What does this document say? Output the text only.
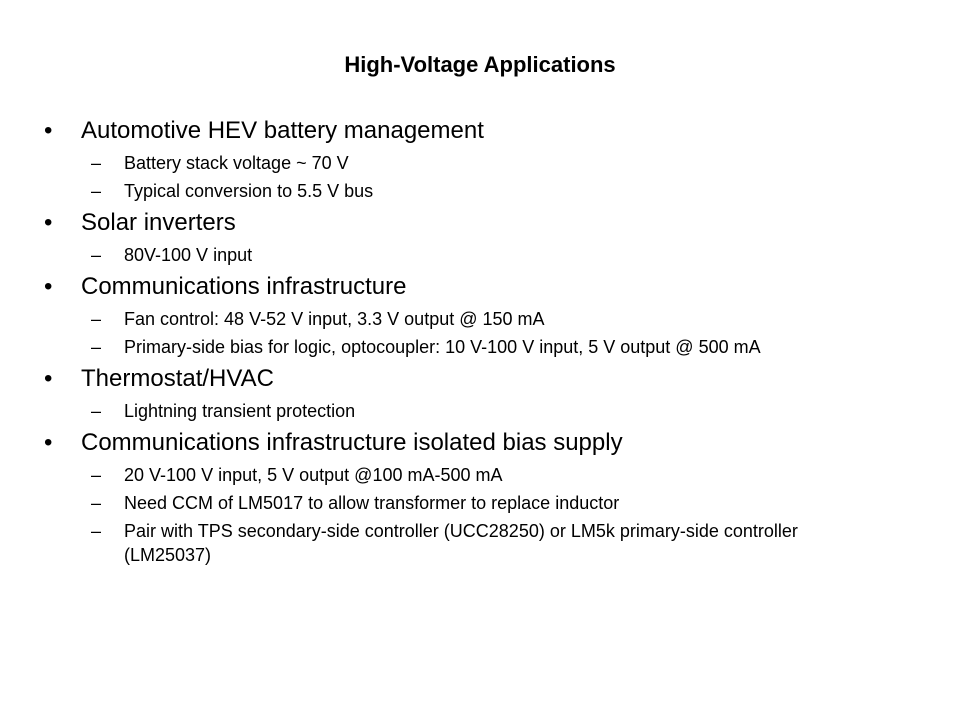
High-Voltage Applications
•	Automotive HEV battery management
–	Battery stack voltage ~ 70 V
–	Typical conversion to 5.5 V bus
•	Solar inverters
–	80V-100 V input
•	Communications infrastructure
–	Fan control: 48 V-52 V input, 3.3 V output @ 150 mA
–	Primary-side bias for logic, optocoupler: 10 V-100 V input, 5 V output @ 500 mA
•	Thermostat/HVAC
–	Lightning transient protection
•	Communications infrastructure isolated bias supply
–	20 V-100 V input, 5 V output @100 mA-500 mA
–	Need CCM of LM5017 to allow transformer to replace inductor
–	Pair with TPS secondary-side controller (UCC28250) or LM5k primary-side controller (LM25037)
